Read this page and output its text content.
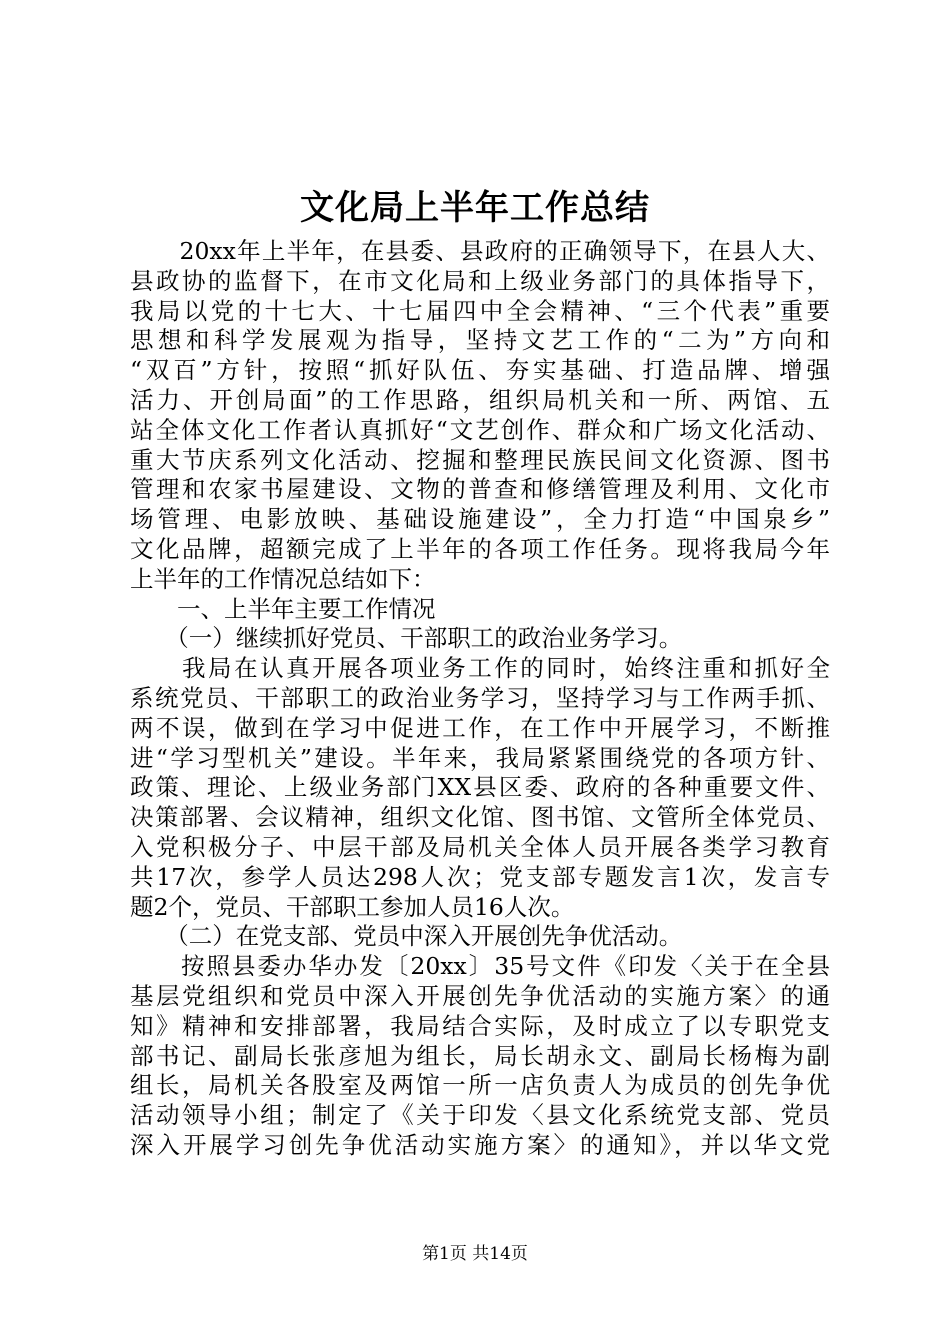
文化局上半年工作总结
　　20xx年上半年，在县委、县政府的正确领导下，在县人大、
县政协的监督下，在市文化局和上级业务部门的具体指导下，
我局以党的十七大、十七届四中全会精神、“三个代表”重要
思想和科学发展观为指导，坚持文艺工作的“二为”方向和
“双百”方针，按照“抓好队伍、夯实基础、打造品牌、增强
活力、开创局面”的工作思路，组织局机关和一所、两馆、五
站全体文化工作者认真抓好“文艺创作、群众和广场文化活动、
重大节庆系列文化活动、挖掘和整理民族民间文化资源、图书
管理和农家书屋建设、文物的普查和修缮管理及利用、文化市
场管理、电影放映、基础设施建设”，全力打造“中国泉乡”
文化品牌，超额完成了上半年的各项工作任务。现将我局今年
上半年的工作情况总结如下：
　　一、上半年主要工作情况
　　（一）继续抓好党员、干部职工的政治业务学习。
　　我局在认真开展各项业务工作的同时，始终注重和抓好全
系统党员、干部职工的政治业务学习，坚持学习与工作两手抓、
两不误，做到在学习中促进工作，在工作中开展学习，不断推
进“学习型机关”建设。半年来，我局紧紧围绕党的各项方针、
政策、理论、上级业务部门XX县区委、政府的各种重要文件、
决策部署、会议精神，组织文化馆、图书馆、文管所全体党员、
入党积极分子、中层干部及局机关全体人员开展各类学习教育
共17次，参学人员达298人次；党支部专题发言1次，发言专
题2个，党员、干部职工参加人员16人次。
　　（二）在党支部、党员中深入开展创先争优活动。
　　按照县委办华办发〔20xx〕35号文件《印发〈关于在全县
基层党组织和党员中深入开展创先争优活动的实施方案〉的通
知》精神和安排部署，我局结合实际，及时成立了以专职党支
部书记、副局长张彦旭为组长，局长胡永文、副局长杨梅为副
组长，局机关各股室及两馆一所一店负责人为成员的创先争优
活动领导小组；制定了《关于印发〈县文化系统党支部、党员
深入开展学习创先争优活动实施方案〉的通知》，并以华文党
第1页 共14页
